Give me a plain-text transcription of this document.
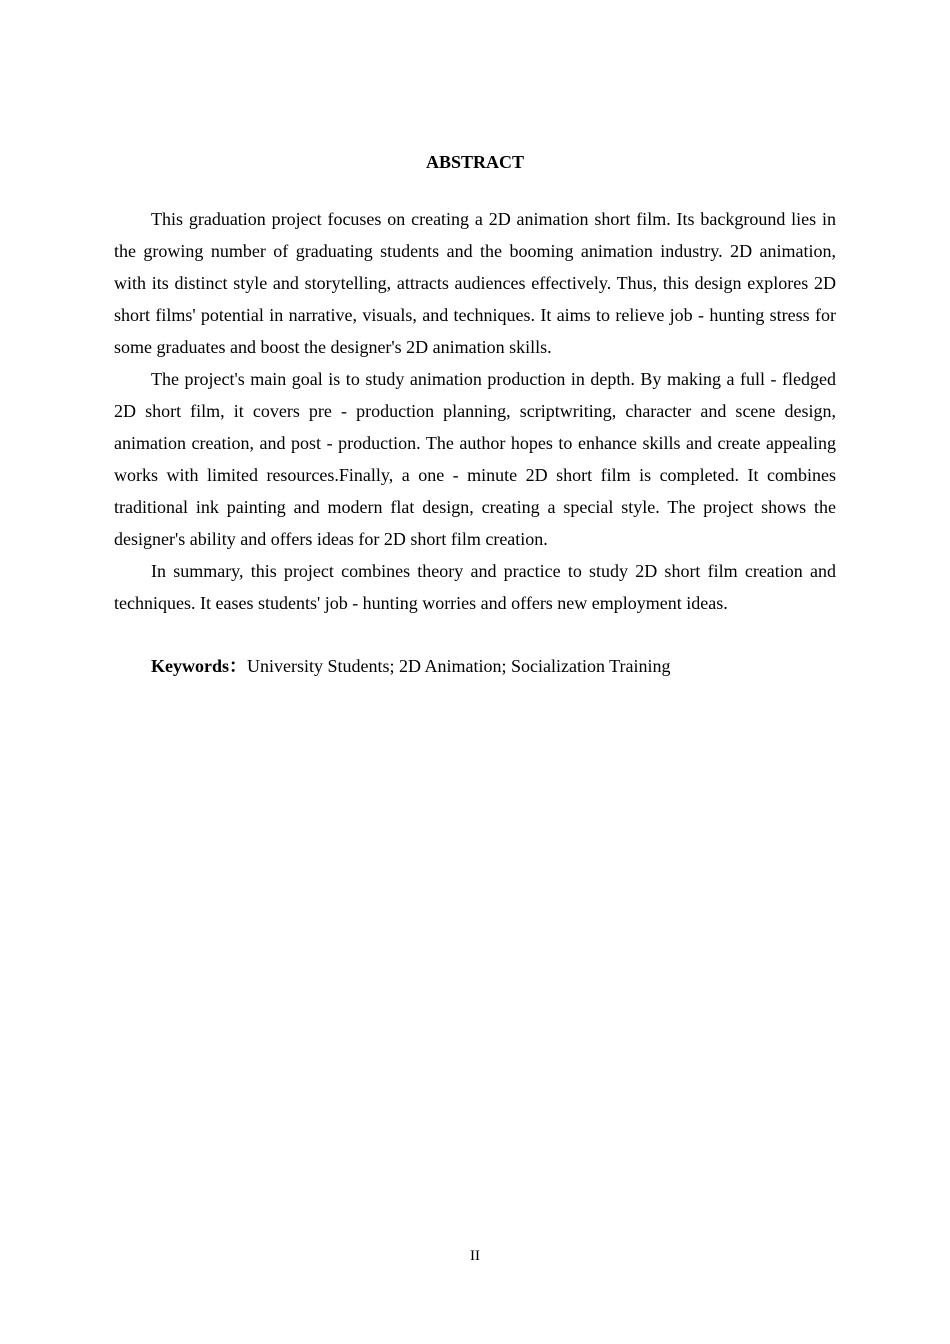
ABSTRACT

This graduation project focuses on creating a 2D animation short film. Its background lies in the growing number of graduating students and the booming animation industry. 2D animation, with its distinct style and storytelling, attracts audiences effectively. Thus, this design explores 2D short films' potential in narrative, visuals, and techniques. It aims to relieve job - hunting stress for some graduates and boost the designer's 2D animation skills.

The project's main goal is to study animation production in depth. By making a full - fledged 2D short film, it covers pre - production planning, scriptwriting, character and scene design, animation creation, and post - production. The author hopes to enhance skills and create appealing works with limited resources.Finally, a one - minute 2D short film is completed. It combines traditional ink painting and modern flat design, creating a special style. The project shows the designer's ability and offers ideas for 2D short film creation.

In summary, this project combines theory and practice to study 2D short film creation and techniques. It eases students' job - hunting worries and offers new employment ideas.

Keywords：University Students; 2D Animation; Socialization Training
II
